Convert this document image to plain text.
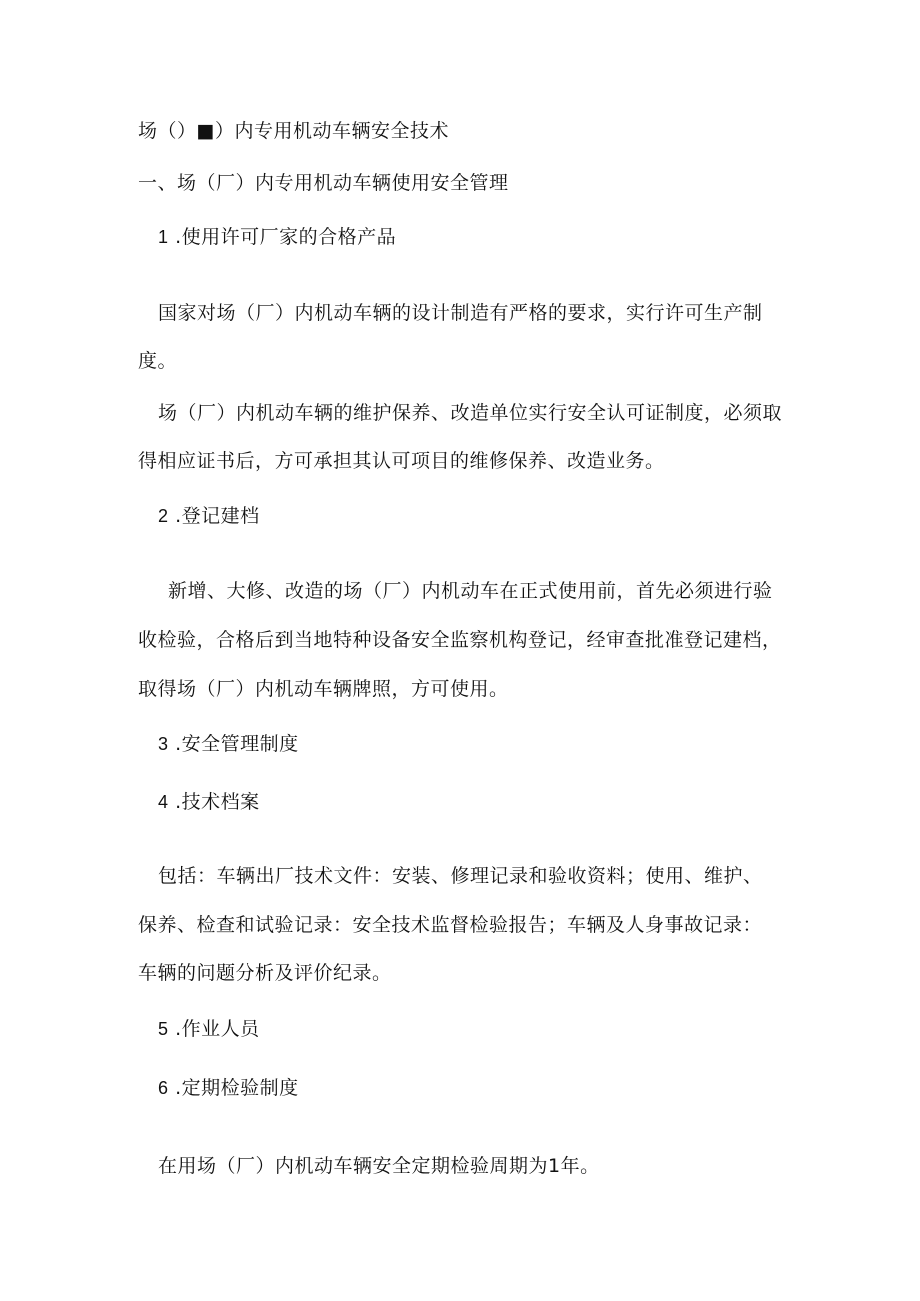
场（）■）内专用机动车辆安全技术
一、场（厂）内专用机动车辆使用安全管理
1 .使用许可厂家的合格产品
国家对场（厂）内机动车辆的设计制造有严格的要求，实行许可生产制
度。
场（厂）内机动车辆的维护保养、改造单位实行安全认可证制度，必须取
得相应证书后，方可承担其认可项目的维修保养、改造业务。
2 .登记建档
新增、大修、改造的场（厂）内机动车在正式使用前，首先必须进行验
收检验，合格后到当地特种设备安全监察机构登记，经审查批准登记建档，
取得场（厂）内机动车辆牌照，方可使用。
3 .安全管理制度
4 .技术档案
包括：车辆出厂技术文件：安装、修理记录和验收资料；使用、维护、
保养、检查和试验记录：安全技术监督检验报告；车辆及人身事故记录：
车辆的问题分析及评价纪录。
5 .作业人员
6 .定期检验制度
在用场（厂）内机动车辆安全定期检验周期为1年。
